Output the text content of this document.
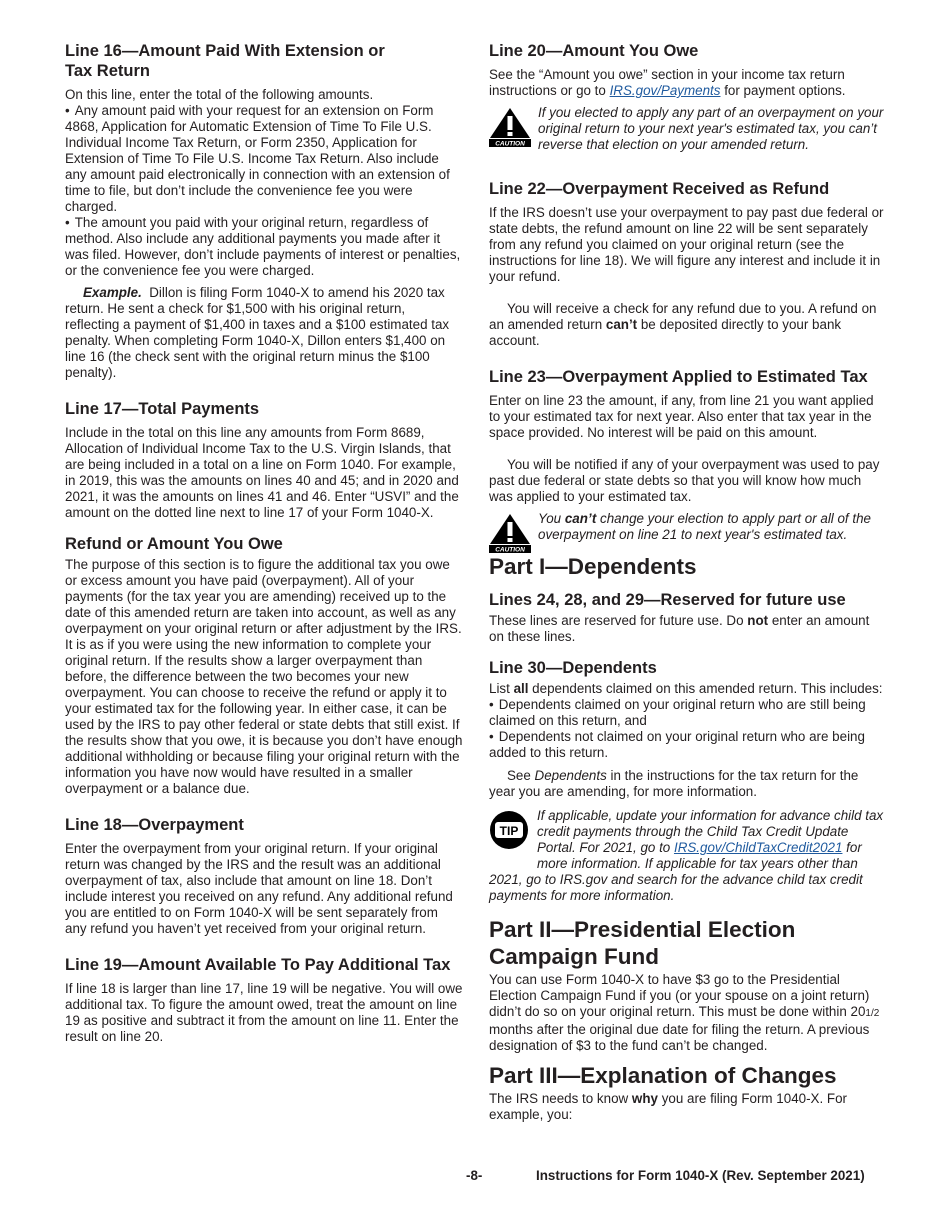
Line 16—Amount Paid With Extension or Tax Return

On this line, enter the total of the following amounts.

• Any amount paid with your request for an extension on Form 4868, Application for Automatic Extension of Time To File U.S. Individual Income Tax Return, or Form 2350, Application for Extension of Time To File U.S. Income Tax Return. Also include any amount paid electronically in connection with an extension of time to file, but don’t include the convenience fee you were charged.

• The amount you paid with your original return, regardless of method. Also include any additional payments you made after it was filed. However, don’t include payments of interest or penalties, or the convenience fee you were charged.

Example. Dillon is filing Form 1040-X to amend his 2020 tax return. He sent a check for $1,500 with his original return, reflecting a payment of $1,400 in taxes and a $100 estimated tax penalty. When completing Form 1040-X, Dillon enters $1,400 on line 16 (the check sent with the original return minus the $100 penalty).

Line 17—Total Payments

Include in the total on this line any amounts from Form 8689, Allocation of Individual Income Tax to the U.S. Virgin Islands, that are being included in a total on a line on Form 1040. For example, in 2019, this was the amounts on lines 40 and 45; and in 2020 and 2021, it was the amounts on lines 41 and 46. Enter “USVI” and the amount on the dotted line next to line 17 of your Form 1040-X.

Refund or Amount You Owe

The purpose of this section is to figure the additional tax you owe or excess amount you have paid (overpayment). All of your payments (for the tax year you are amending) received up to the date of this amended return are taken into account, as well as any overpayment on your original return or after adjustment by the IRS. It is as if you were using the new information to complete your original return. If the results show a larger overpayment than before, the difference between the two becomes your new overpayment. You can choose to receive the refund or apply it to your estimated tax for the following year. In either case, it can be used by the IRS to pay other federal or state debts that still exist. If the results show that you owe, it is because you don’t have enough additional withholding or because filing your original return with the information you have now would have resulted in a smaller overpayment or a balance due.

Line 18—Overpayment

Enter the overpayment from your original return. If your original return was changed by the IRS and the result was an additional overpayment of tax, also include that amount on line 18. Don’t include interest you received on any refund. Any additional refund you are entitled to on Form 1040-X will be sent separately from any refund you haven’t yet received from your original return.

Line 19—Amount Available To Pay Additional Tax

If line 18 is larger than line 17, line 19 will be negative. You will owe additional tax. To figure the amount owed, treat the amount on line 19 as positive and subtract it from the amount on line 11. Enter the result on line 20.

Line 20—Amount You Owe

See the “Amount you owe” section in your income tax return instructions or go to IRS.gov/Payments for payment options.

CAUTION

If you elected to apply any part of an overpayment on your original return to your next year's estimated tax, you can’t reverse that election on your amended return.

Line 22—Overpayment Received as Refund

If the IRS doesn’t use your overpayment to pay past due federal or state debts, the refund amount on line 22 will be sent separately from any refund you claimed on your original return (see the instructions for line 18). We will figure any interest and include it in your refund.

You will receive a check for any refund due to you. A refund on an amended return can’t be deposited directly to your bank account.

Line 23—Overpayment Applied to Estimated Tax

Enter on line 23 the amount, if any, from line 21 you want applied to your estimated tax for next year. Also enter that tax year in the space provided. No interest will be paid on this amount.

You will be notified if any of your overpayment was used to pay past due federal or state debts so that you will know how much was applied to your estimated tax.

CAUTION

You can’t change your election to apply part or all of the overpayment on line 21 to next year's estimated tax.

Part I—Dependents
Lines 24, 28, and 29—Reserved for future use

These lines are reserved for future use. Do not enter an amount on these lines.

Line 30—Dependents

List all dependents claimed on this amended return. This includes:

• Dependents claimed on your original return who are still being claimed on this return, and

• Dependents not claimed on your original return who are being added to this return.

See Dependents in the instructions for the tax return for the year you are amending, for more information.

TIP

If applicable, update your information for advance child tax credit payments through the Child Tax Credit Update Portal. For 2021, go to IRS.gov/ChildTaxCredit2021 for more information. If applicable for tax years other than 2021, go to IRS.gov and search for the advance child tax credit payments for more information.

Part II—Presidential Election Campaign Fund

You can use Form 1040-X to have $3 go to the Presidential Election Campaign Fund if you (or your spouse on a joint return) didn’t do so on your original return. This must be done within 201/2 months after the original due date for filing the return. A previous designation of $3 to the fund can’t be changed.

Part III—Explanation of Changes

The IRS needs to know why you are filing Form 1040-X. For example, you:

-8-	Instructions for Form 1040-X (Rev. September 2021)
